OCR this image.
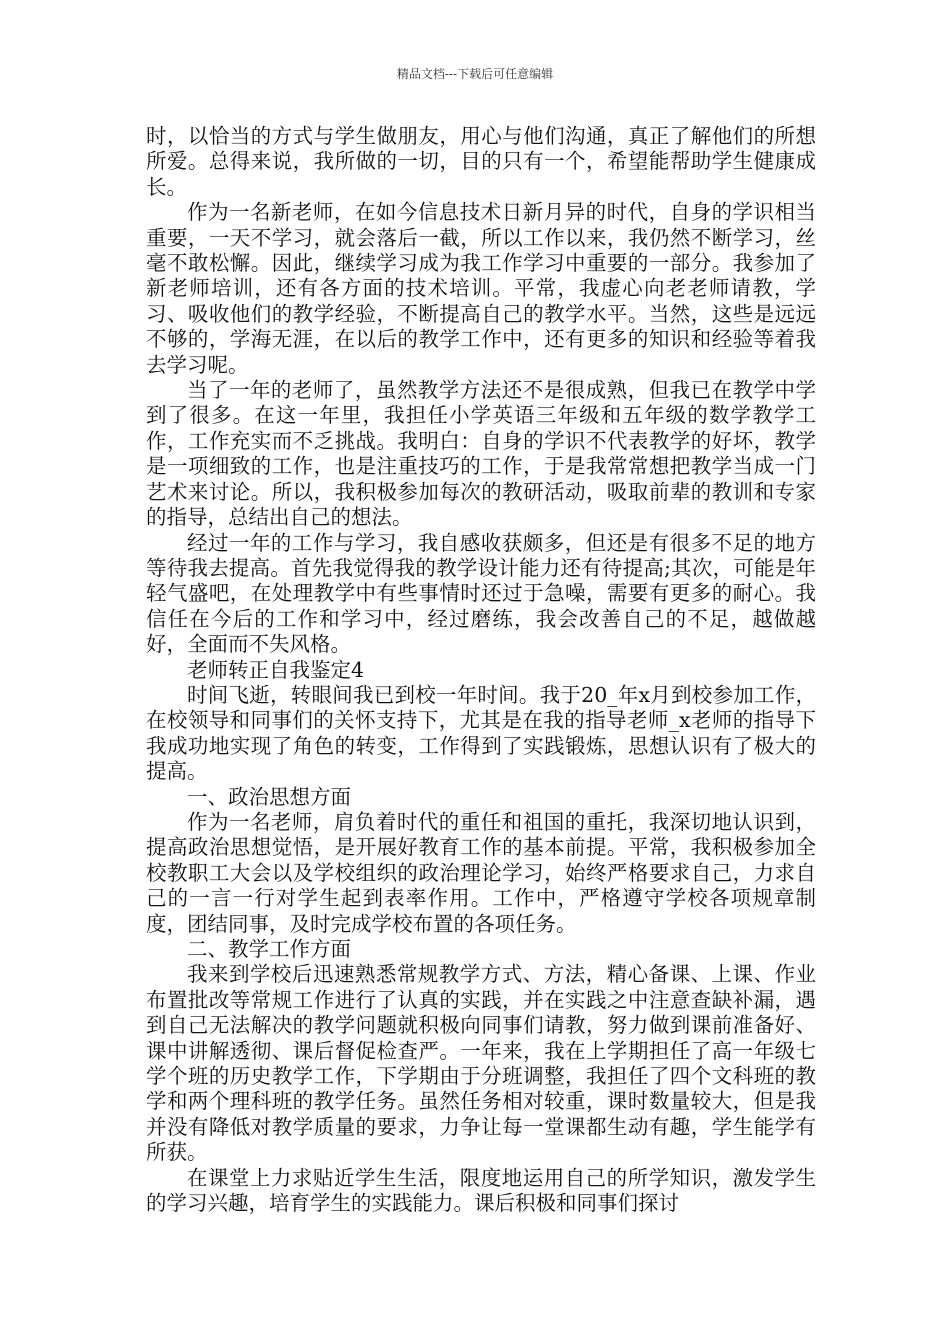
精品文档---下载后可任意编辑

时，以恰当的方式与学生做朋友，用心与他们沟通，真正了解他们的所想所爱。总得来说，我所做的一切，目的只有一个，希望能帮助学生健康成长。

作为一名新老师，在如今信息技术日新月异的时代，自身的学识相当重要，一天不学习，就会落后一截，所以工作以来，我仍然不断学习，丝毫不敢松懈。因此，继续学习成为我工作学习中重要的一部分。我参加了新老师培训，还有各方面的技术培训。平常，我虚心向老老师请教，学习、吸收他们的教学经验，不断提高自己的教学水平。当然，这些是远远不够的，学海无涯，在以后的教学工作中，还有更多的知识和经验等着我去学习呢。

当了一年的老师了，虽然教学方法还不是很成熟，但我已在教学中学到了很多。在这一年里，我担任小学英语三年级和五年级的数学教学工作，工作充实而不乏挑战。我明白：自身的学识不代表教学的好坏，教学是一项细致的工作，也是注重技巧的工作，于是我常常想把教学当成一门艺术来讨论。所以，我积极参加每次的教研活动，吸取前辈的教训和专家的指导，总结出自己的想法。

经过一年的工作与学习，我自感收获颇多，但还是有很多不足的地方等待我去提高。首先我觉得我的教学设计能力还有待提高;其次，可能是年轻气盛吧，在处理教学中有些事情时还过于急噪，需要有更多的耐心。我信任在今后的工作和学习中，经过磨练，我会改善自己的不足，越做越好，全面而不失风格。

老师转正自我鉴定4

时间飞逝，转眼间我已到校一年时间。我于20_年x月到校参加工作，在校领导和同事们的关怀支持下，尤其是在我的指导老师_x老师的指导下我成功地实现了角色的转变，工作得到了实践锻炼，思想认识有了极大的提高。

一、政治思想方面

作为一名老师，肩负着时代的重任和祖国的重托，我深切地认识到，提高政治思想觉悟，是开展好教育工作的基本前提。平常，我积极参加全校教职工大会以及学校组织的政治理论学习，始终严格要求自己，力求自己的一言一行对学生起到表率作用。工作中，严格遵守学校各项规章制度，团结同事，及时完成学校布置的各项任务。

二、教学工作方面

我来到学校后迅速熟悉常规教学方式、方法，精心备课、上课、作业布置批改等常规工作进行了认真的实践，并在实践之中注意查缺补漏，遇到自己无法解决的教学问题就积极向同事们请教，努力做到课前准备好、课中讲解透彻、课后督促检查严。一年来，我在上学期担任了高一年级七学个班的历史教学工作，下学期由于分班调整，我担任了四个文科班的教学和两个理科班的教学任务。虽然任务相对较重，课时数量较大，但是我并没有降低对教学质量的要求，力争让每一堂课都生动有趣，学生能学有所获。

在课堂上力求贴近学生生活，限度地运用自己的所学知识，激发学生的学习兴趣，培育学生的实践能力。课后积极和同事们探讨
